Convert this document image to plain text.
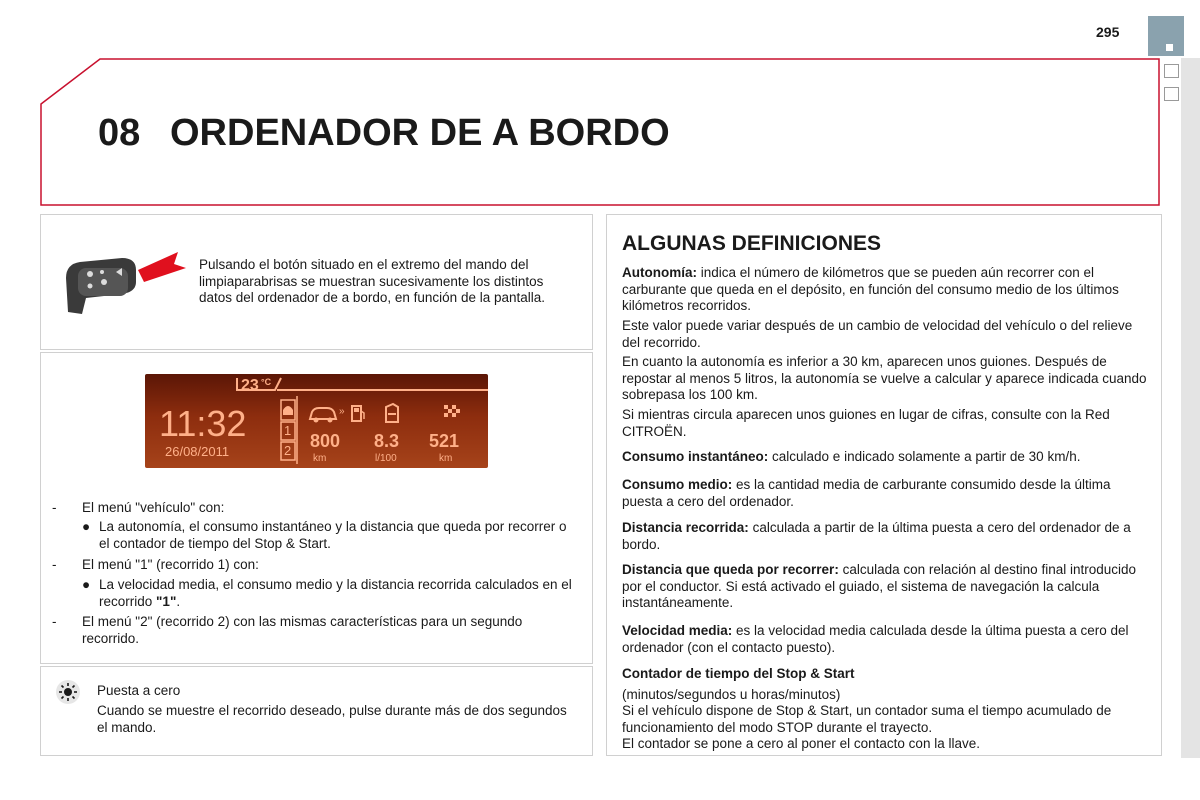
295
08 ORDENADOR DE A BORDO
Pulsando el botón situado en el extremo del mando del limpiaparabrisas se muestran sucesivamente los distintos datos del ordenador de a bordo, en función de la pantalla.
23 °C
11:32
26/08/2011
1
2
»
800
km
8.3
l/100
521
km
-	El menú "vehículo" con:
● La autonomía, el consumo instantáneo y la distancia que queda por recorrer o el contador de tiempo del Stop & Start.
-	El menú "1" (recorrido 1) con:
● La velocidad media, el consumo medio y la distancia recorrida calculados en el recorrido "1".
-	El menú "2" (recorrido 2) con las mismas características para un segundo recorrido.
Puesta a cero
Cuando se muestre el recorrido deseado, pulse durante más de dos segundos el mando.
ALGUNAS DEFINICIONES

Autonomía: indica el número de kilómetros que se pueden aún recorrer con el carburante que queda en el depósito, en función del consumo medio de los últimos kilómetros recorridos.

Este valor puede variar después de un cambio de velocidad del vehículo o del relieve del recorrido.

En cuanto la autonomía es inferior a 30 km, aparecen unos guiones. Después de repostar al menos 5 litros, la autonomía se vuelve a calcular y aparece indicada cuando sobrepasa los 100 km.

Si mientras circula aparecen unos guiones en lugar de cifras, consulte con la Red CITROËN.

Consumo instantáneo: calculado e indicado solamente a partir de 30 km/h.

Consumo medio: es la cantidad media de carburante consumido desde la última puesta a cero del ordenador.

Distancia recorrida: calculada a partir de la última puesta a cero del ordenador de a bordo.

Distancia que queda por recorrer: calculada con relación al destino final introducido por el conductor. Si está activado el guiado, el sistema de navegación la calcula instantáneamente.

Velocidad media: es la velocidad media calculada desde la última puesta a cero del ordenador (con el contacto puesto).

Contador de tiempo del Stop & Start

(minutos/segundos u horas/minutos)

Si el vehículo dispone de Stop & Start, un contador suma el tiempo acumulado de funcionamiento del modo STOP durante el trayecto.

El contador se pone a cero al poner el contacto con la llave.
